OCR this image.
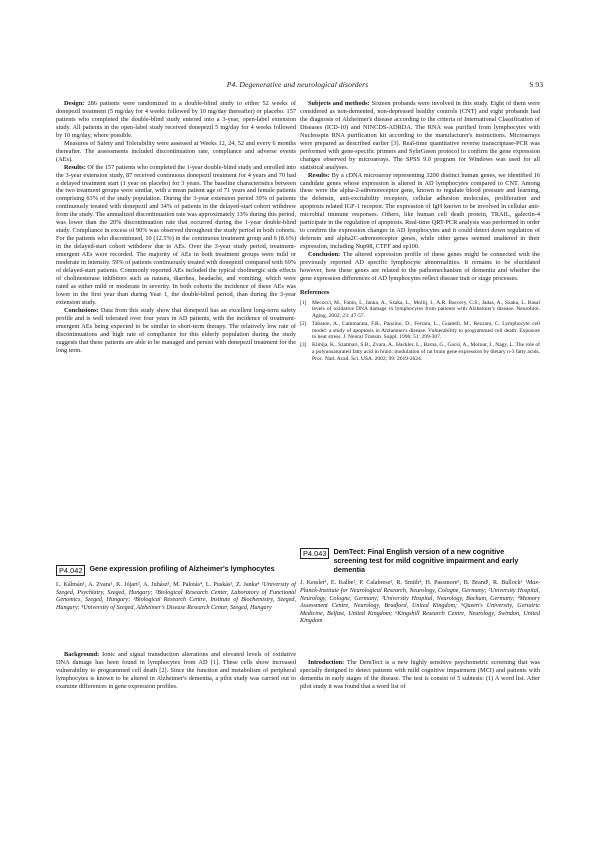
P4. Degenerative and neurological disorders	S 93

Design: 286 patients were randomized in a double-blind study to either 52 weeks of donepezil treatment (5 mg/day for 4 weeks followed by 10 mg/day thereafter) or placebo. 157 patients who completed the double-blind study entered into a 3-year, open-label extension study. All patients in the open-label study received donepezil 5 mg/day for 4 weeks followed by 10 mg/day, where possible.

Measures of Safety and Tolerability were assessed at Weeks 12, 24, 52 and every 6 months thereafter. The assessments included discontinuation rate, compliance and adverse events (AEs).

Results: Of the 157 patients who completed the 1-year double-blind study and enrolled into the 3-year extension study, 87 received continuous donepezil treatment for 4 years and 70 had a delayed treatment start (1 year on placebo) for 3 years. The baseline characteristics between the two treatment groups were similar, with a mean patient age of 71 years and female patients comprising 63% of the study population. During the 3-year extension period 39% of patients continuously treated with donepezil and 34% of patients in the delayed-start cohort withdrew from the study. The annualized discontinuation rate was approximately 13% during this period, was lower than the 20% discontinuation rate that occurred during the 1-year double-blind study. Compliance in excess of 90% was observed throughout the study period in both cohorts. For the patients who discontinued, 10 (12.5%) in the continuous treatment group and 6 (8.6%) in the delayed-start cohort withdrew due to AEs. Over the 3-year study period, treatment-emergent AEs were recorded. The majority of AEs in both treatment groups were mild or moderate in intensity. 59% of patients continuously treated with donepezil compared with 69% of delayed-start patients. Commonly reported AEs included the typical cholinergic side effects of cholinesterase inhibitors such as nausea, diarrhea, headache, and vomiting, which were rated as either mild or moderate in severity. In both cohorts the incidence of these AEs was lower in the first year than during Year 1, the double-blind period, than during the 3-year extension study.

Conclusions: Data from this study show that donepezil has an excellent long-term safety profile and is well tolerated over four years in AD patients, with the incidence of treatment-emergent AEs being expected to be similar to short-term therapy. The relatively low rate of discontinuations and high rate of compliance for this elderly population during the study suggests that these patients are able to be managed and persist with donepezil treatment for the long term.

P4.042 Gene expression profiling of Alzheimer's lymphocytes
L. Kálmán¹, A. Zvara¹, K. Jójart², A. Juhász³, M. Palotás⁴, L. Puskás¹, Z. Janka⁴ ¹University of Szeged, Psychiatry, Szeged, Hungary; ²Biological Research Center, Laboratory of Functional Genomics, Szeged, Hungary; ³Biological Research Centre, Institute of Biochemistry, Szeged, Hungary; ⁴University of Szeged, Alzheimer's Disease Research Center, Szeged, Hungary

Background: Ionic and signal transduction alterations and elevated levels of oxidative DNA damage has been found in lymphocytes from AD [1]. These cells show increased vulnerability to programmed cell death [2]. Since the function and metabolism of peripheral lymphocytes is known to be altered in Alzheimer's dementia, a pilot study was carried out to examine differences in gene expression profiles.

Subjects and methods: Sixteen probands were involved in this study. Eight of them were considered as non-demented, non-depressed healthy controls (CNT) and eight probands had the diagnosis of Alzheimer's disease according to the criteria of International Classification of Diseases (ICD-10) and NINCDS-ADRDA. The RNA was purified from lymphocytes with Nucleospin RNA purification kit according to the manufacturer's instructions. Microarrays were prepared as described earlier [3]. Real-time quantitative reverse transcriptase-PCR was performed with gene-specific primers and SybrGreen protocol to confirm the gene expression changes observed by microarrays. The SPSS 9.0 program for Windows was used for all statistical analyses.

Results: By a cDNA microarray representing 3200 distinct human genes, we identified 16 candidate genes whose expression is altered in AD lymphocytes compared to CNT. Among these were the alpha-2-adrenoreceptor gene, known to regulate blood pressure and learning, the defensin, anti-excitability receptors, cellular adhesion molecules, proliferation and apoptosis related IGF-1 receptor. The expression of IgH known to be involved in cellular anti-microbial immune responses. Others, like human cell death protein, TRAIL, galectin-4 participate in the regulation of apoptosis. Real-time QRT-PCR analysis was performed in order to confirm the expression changes in AD lymphocytes and it could detect down regulation of defensin and alpha2C-adrenoreceptor genes, while other genes seemed unaltered in their expression, including Nup98, CTFF and sp100.

Conclusion: The altered expression profile of these genes might be connected with the previously reported AD specific lymphocyte abnormalities. It remains to be elucidated however, how these genes are related to the pathomechanism of dementia and whether the gene expression differences of AD lymphocytes reflect disease trait or stage processes.

References
[1]	Mecocci, M., Fanin, I., Janka, A., Szaka, L., Mollij, I., A.R. Baccery, C.S., Jadas, A., Szaka, L. Basal levels of oxidative DNA damage in lymphocytes from patients with Alzheimer's disease. Neurobiol. Aging, 2002; 23: 47-57.
[2]	Tabaton, A., Cammarata, F.R., Panzino, D., Ferrara, L., Guatelli, M., Rezzani, C. Lymphocyte cell model: a study of apoptosis in Alzheimer's disease. Vulnerability to programmed cell death: Exposure to heat stress. J. Neural Transm. Suppl. 1996; 51: 299-307.
[3]	Kimija, K., Szatmari, S.B., Zvara, A., Hackler, L., Barna, G., Gacsi, A., Molnar, I., Nagy, L. The role of a polyunsaturated fatty acid in brain: modulation of rat brain gene expression by dietary n-3 fatty acids. Proc. Natl. Acad. Sci. USA. 2002; 99: 2619-2624.
P4.043 DemTect: Final English version of a new cognitive screening test for mild cognitive impairment and early dementia
J. Kessler¹, E. Kalbe², P. Calabrese³, R. Smith⁴, H. Passmore⁵, B. Brand¹, R. Bullock⁶ ¹Max-Planck-Institute for Neurological Research, Neurology, Cologne, Germany; ²University Hospital, Neurology, Cologne, Germany; ³University Hospital, Neurology, Bochum, Germany; ⁴Memory Assessment Centre, Neurology, Bradford, United Kingdom; ⁵Queen's University, Geriatric Medicine, Belfast, United Kingdom; ⁶Kingshill Research Centre, Neurology, Swindon, United Kingdom

Introduction: The DemTect is a new highly sensitive psychometric screening that was specially designed to detect patients with mild cognitive impairment (MCI) and patients with dementia in early stages of the disease. The test is consist of 5 subtests: (1) A word list. After pilot study it was found that a word list of
